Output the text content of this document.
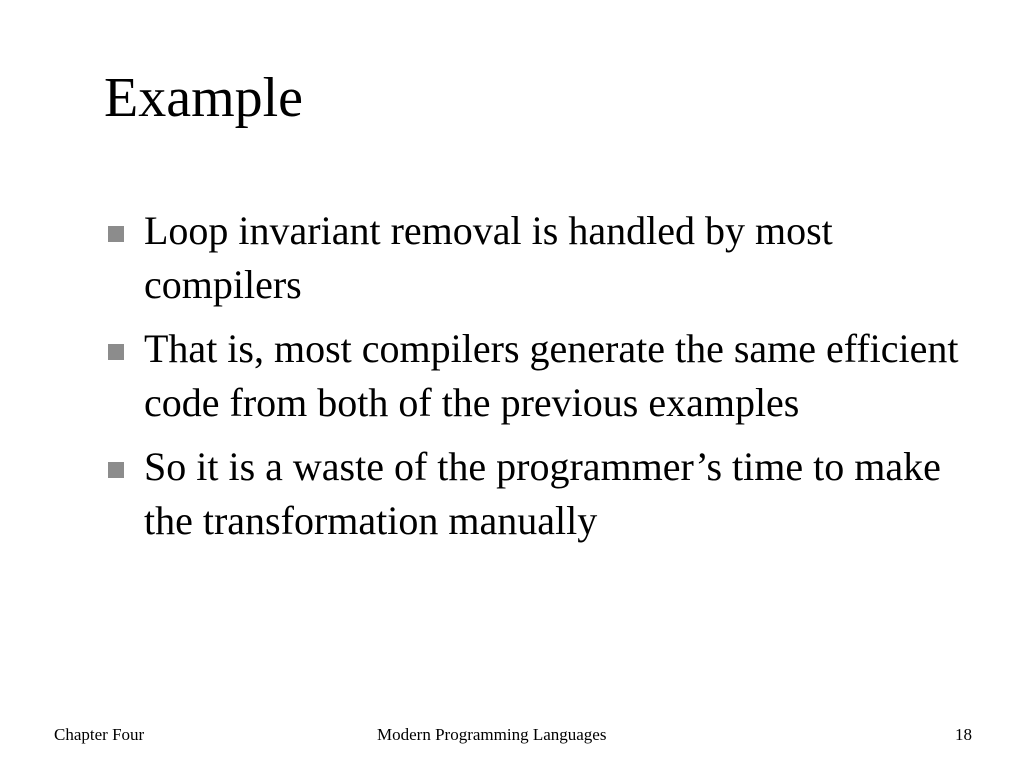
Example
Loop invariant removal is handled by most compilers
That is, most compilers generate the same efficient code from both of the previous examples
So it is a waste of the programmer’s time to make the transformation manually
Chapter Four	Modern Programming Languages	18
